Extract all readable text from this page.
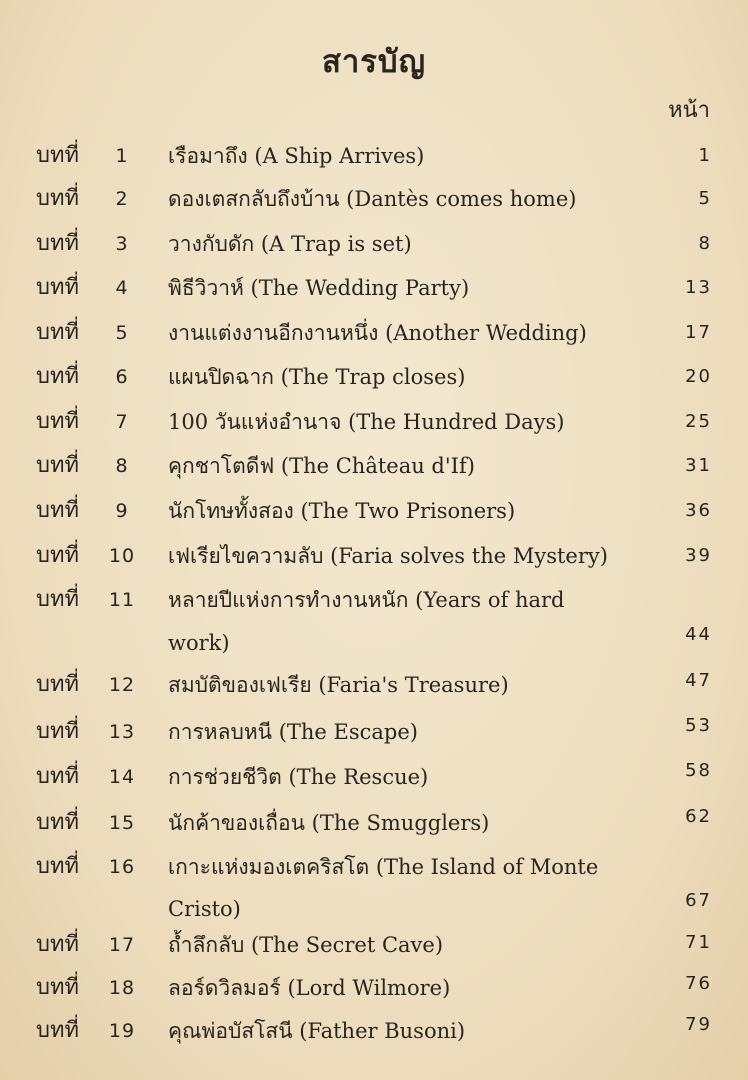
สารบัญ
หน้า
บทที่	1	เรือมาถึง (A Ship Arrives)	1
บทที่	2	ดองเตสกลับถึงบ้าน (Dantès comes home)	5
บทที่	3	วางกับดัก (A Trap is set)	8
บทที่	4	พิธีวิวาห์ (The Wedding Party)	13
บทที่	5	งานแต่งงานอีกงานหนึ่ง (Another Wedding)	17
บทที่	6	แผนปิดฉาก (The Trap closes)	20
บทที่	7	100 วันแห่งอำนาจ (The Hundred Days)	25
บทที่	8	คุกชาโตดีฟ (The Château d'If)	31
บทที่	9	นักโทษทั้งสอง (The Two Prisoners)	36
บทที่	10	เฟเรียไขความลับ (Faria solves the Mystery)	39
บทที่	11	หลายปีแห่งการทำงานหนัก (Years of hard
work)	44
บทที่	12	สมบัติของเฟเรีย (Faria's Treasure)	47
บทที่	13	การหลบหนี (The Escape)	53
บทที่	14	การช่วยชีวิต (The Rescue)	58
บทที่	15	นักค้าของเถื่อน (The Smugglers)	62
บทที่	16	เกาะแห่งมองเตคริสโต (The Island of Monte
Cristo)	67
บทที่	17	ถ้ำลึกลับ (The Secret Cave)	71
บทที่	18	ลอร์ดวิลมอร์ (Lord Wilmore)	76
บทที่	19	คุณพ่อบัสโสนี (Father Busoni)	79
